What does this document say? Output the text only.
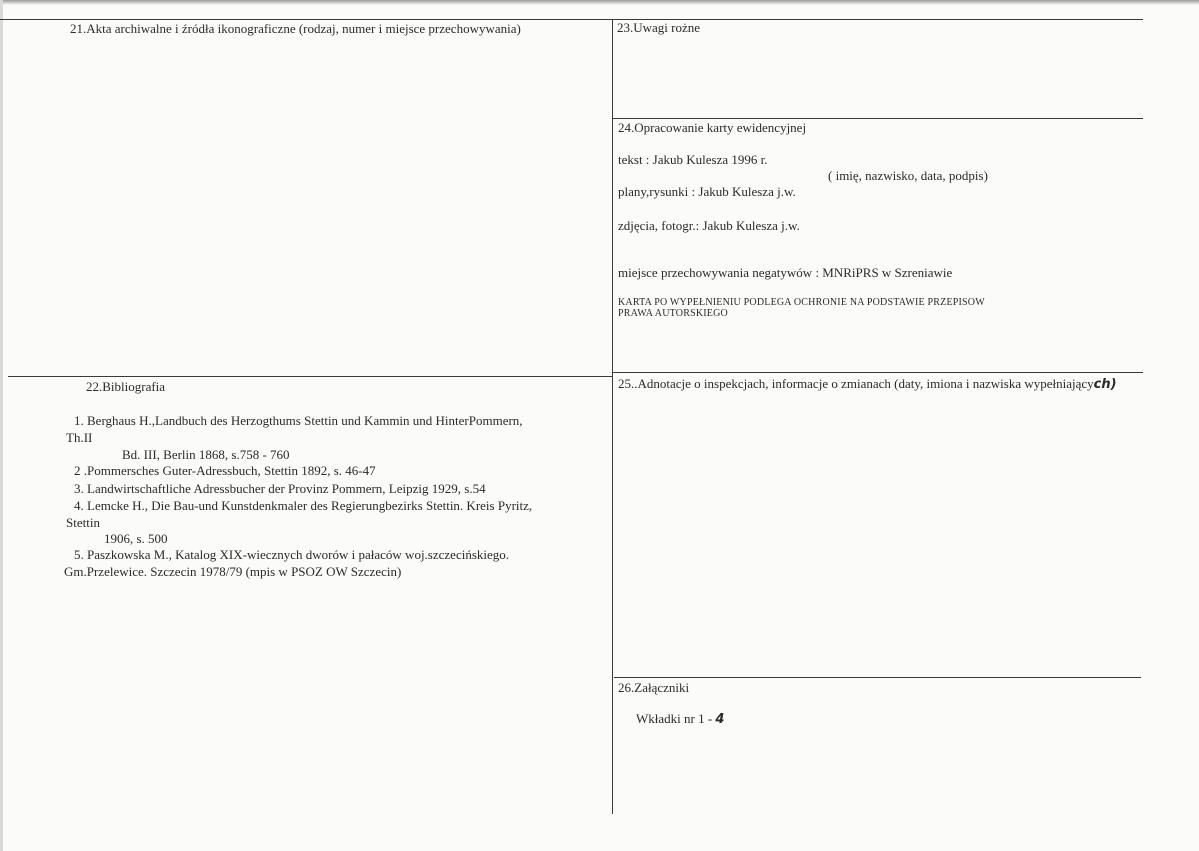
21.Akta archiwalne i źródła ikonograficzne (rodzaj, numer i miejsce przechowywania)	23.Uwagi rożne
24.Opracowanie karty ewidencyjnej
tekst : Jakub Kulesza 1996 r.
( imię, nazwisko, data, podpis)
plany,rysunki : Jakub Kulesza j.w.
zdjęcia, fotogr.: Jakub Kulesza j.w.
miejsce przechowywania negatywów : MNRiPRS w Szreniawie
KARTA PO WYPEŁNIENIU PODLEGA OCHRONIE NA PODSTAWIE PRZEPISOW
PRAWA AUTORSKIEGO
22.Bibliografia
1. Berghaus H.,Landbuch des Herzogthums Stettin und Kammin und HinterPommern,
Th.II
Bd. III, Berlin 1868, s.758 - 760
2 .Pommersches Guter-Adressbuch, Stettin 1892, s. 46-47
3. Landwirtschaftliche Adressbucher der Provinz Pommern, Leipzig 1929, s.54
4. Lemcke H., Die Bau-und Kunstdenkmaler des Regierungbezirks Stettin. Kreis Pyritz,
Stettin
1906, s. 500
5. Paszkowska M., Katalog XIX-wiecznych dworów i pałaców woj.szczecińskiego.
Gm.Przelewice. Szczecin 1978/79 (mpis w PSOZ OW Szczecin)
25..Adnotacje o inspekcjach, informacje o zmianach (daty, imiona i nazwiska wypełniających)
26.Załączniki
Wkładki nr 1 - 4
